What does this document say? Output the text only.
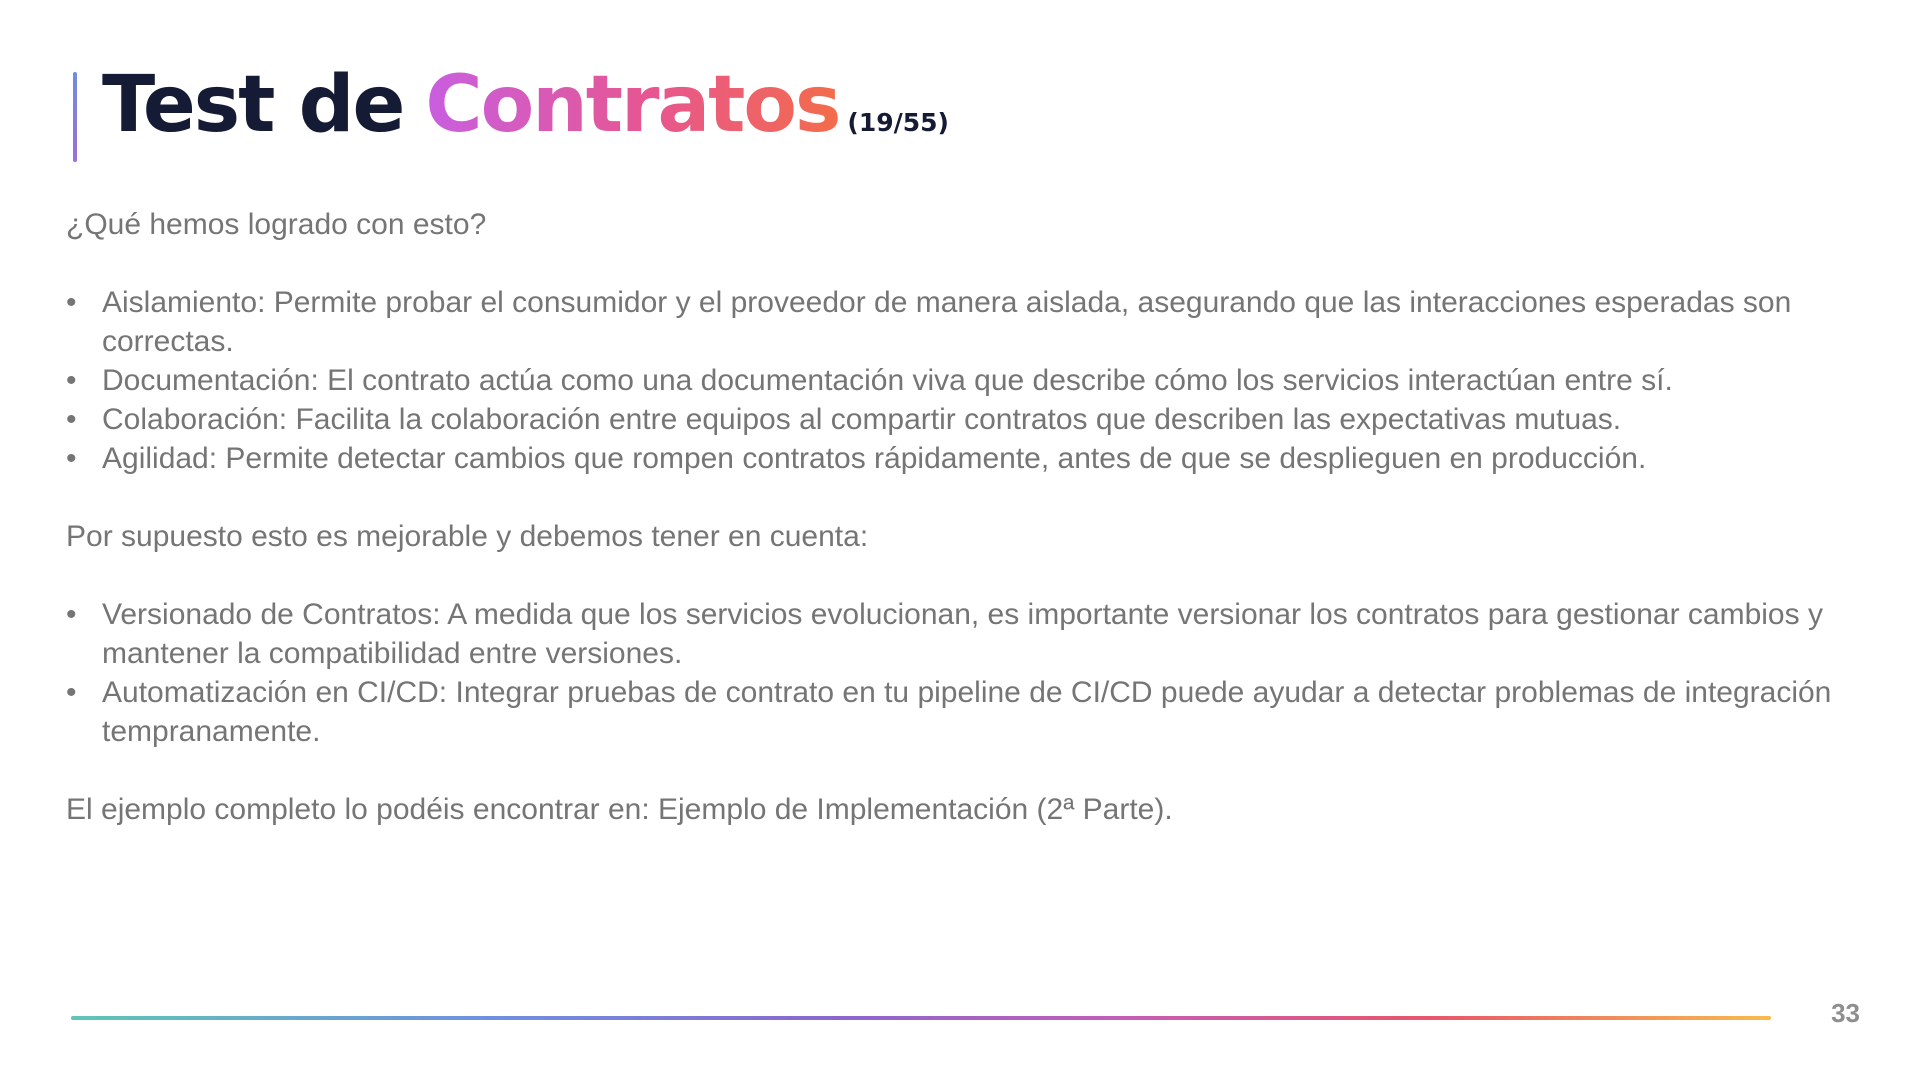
Test de Contratos (19/55)

¿Qué hemos logrado con esto?

• Aislamiento: Permite probar el consumidor y el proveedor de manera aislada, asegurando que las interacciones esperadas son correctas.
• Documentación: El contrato actúa como una documentación viva que describe cómo los servicios interactúan entre sí.
• Colaboración: Facilita la colaboración entre equipos al compartir contratos que describen las expectativas mutuas.
• Agilidad: Permite detectar cambios que rompen contratos rápidamente, antes de que se desplieguen en producción.

Por supuesto esto es mejorable y debemos tener en cuenta:

• Versionado de Contratos: A medida que los servicios evolucionan, es importante versionar los contratos para gestionar cambios y mantener la compatibilidad entre versiones.
• Automatización en CI/CD: Integrar pruebas de contrato en tu pipeline de CI/CD puede ayudar a detectar problemas de integración tempranamente.

El ejemplo completo lo podéis encontrar en: Ejemplo de Implementación (2ª Parte).

33
